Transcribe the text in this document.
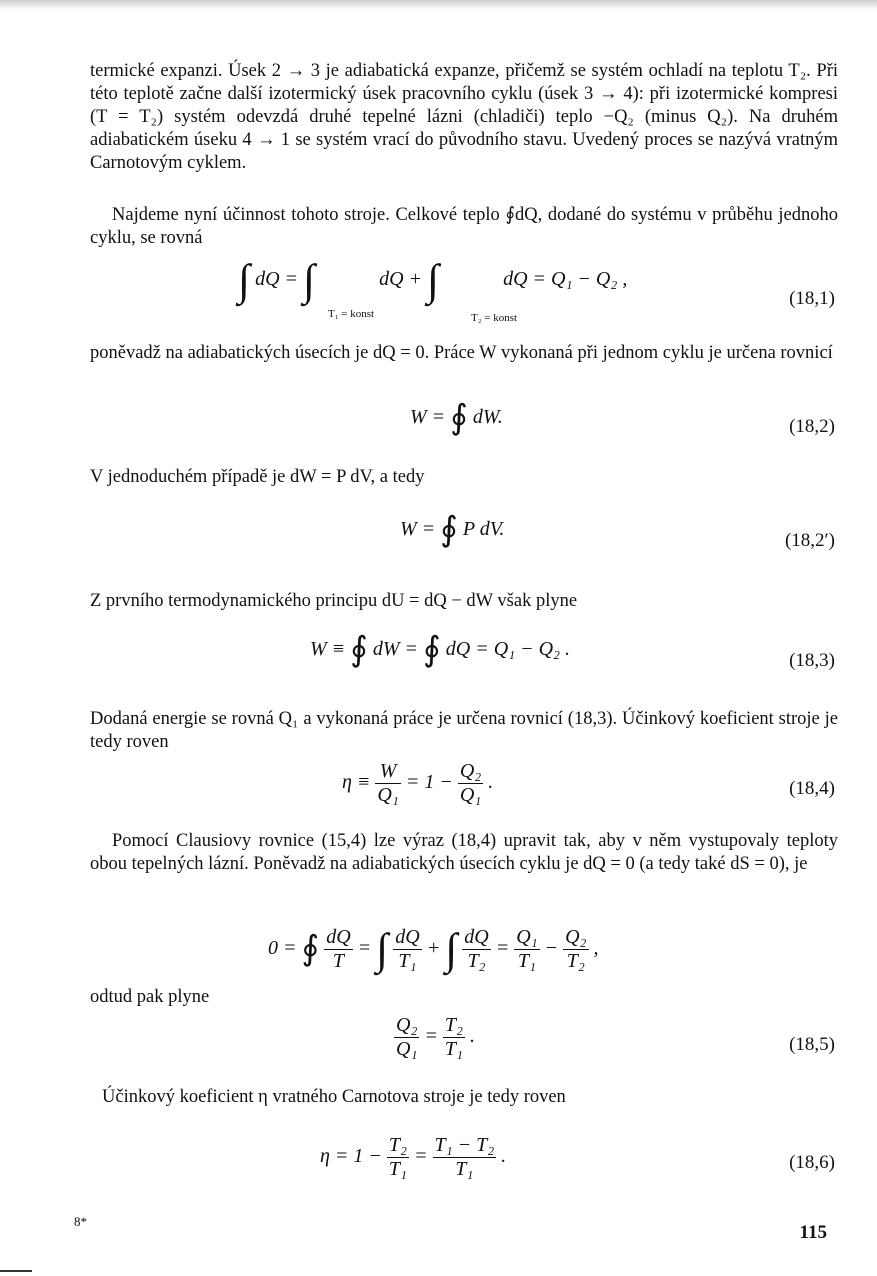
termické expanzi. Úsek 2 → 3 je adiabatická expanze, přičemž se systém ochladí na teplotu T₂. Při této teplotě začne další izotermický úsek pracovního cyklu (úsek 3 → 4): při izotermické kompresi (T = T₂) systém odevzdá druhé tepelné lázni (chladiči) teplo −Q₂ (minus Q₂). Na druhém adiabatickém úseku 4 → 1 se systém vrací do původního stavu. Uvedený proces se nazývá vratným Carnotovým cyklem.
Najdeme nyní účinnost tohoto stroje. Celkové teplo ∮dQ, dodané do systému v průběhu jednoho cyklu, se rovná
∫ dQ = ∫	dQ + ∫	dQ = Q₁ − Q₂ ,
T₁ = konst	T₂ = konst
(18,1)
poněvadž na adiabatických úsecích je dQ = 0. Práce W vykonaná při jednom cyklu je určena rovnicí
W = ∮ dW.	(18,2)
V jednoduchém případě je dW = P dV, a tedy
W = ∮ P dV.
(18,2′)
Z prvního termodynamického principu dU = dQ − dW však plyne
W ≡ ∮ dW = ∮ dQ = Q₁ − Q₂ .
(18,3)
Dodaná energie se rovná Q₁ a vykonaná práce je určena rovnicí (18,3). Účinkový koeficient stroje je tedy roven
$\eta \equiv \frac{W}{\text{Q₁}} = 1 - \frac{\text{Q₂}}{\text{Q₁}}$ .	(18,4)
Pomocí Clausiovy rovnice (15,4) lze výraz (18,4) upravit tak, aby v něm vystupovaly teploty obou tepelných lázní. Poněvadž na adiabatických úsecích cyklu je dQ = 0 (a tedy také dS = 0), je
0 = ∮ $\frac{dQ}{T}$ = ∫ $\frac{dQ}{\text{T₁}}$ + ∫ $\frac{dQ}{\text{T₂}} = \frac{\text{Q₁}}{\text{T₁}} - \frac{\text{Q₂}}{\text{T₂}}$ ,
odtud pak plyne
$\frac{\text{Q₂}}{\text{Q₁}} = \frac{\text{T₂}}{\text{T₁}}$ .	(18,5)
Účinkový koeficient η vratného Carnotova stroje je tedy roven
$\eta = 1 - \frac{\text{T₂}}{\text{T₁}} = \frac{\text{T₁ − T₂}}{\text{T₁}}$ .	(18,6)
8*
115
